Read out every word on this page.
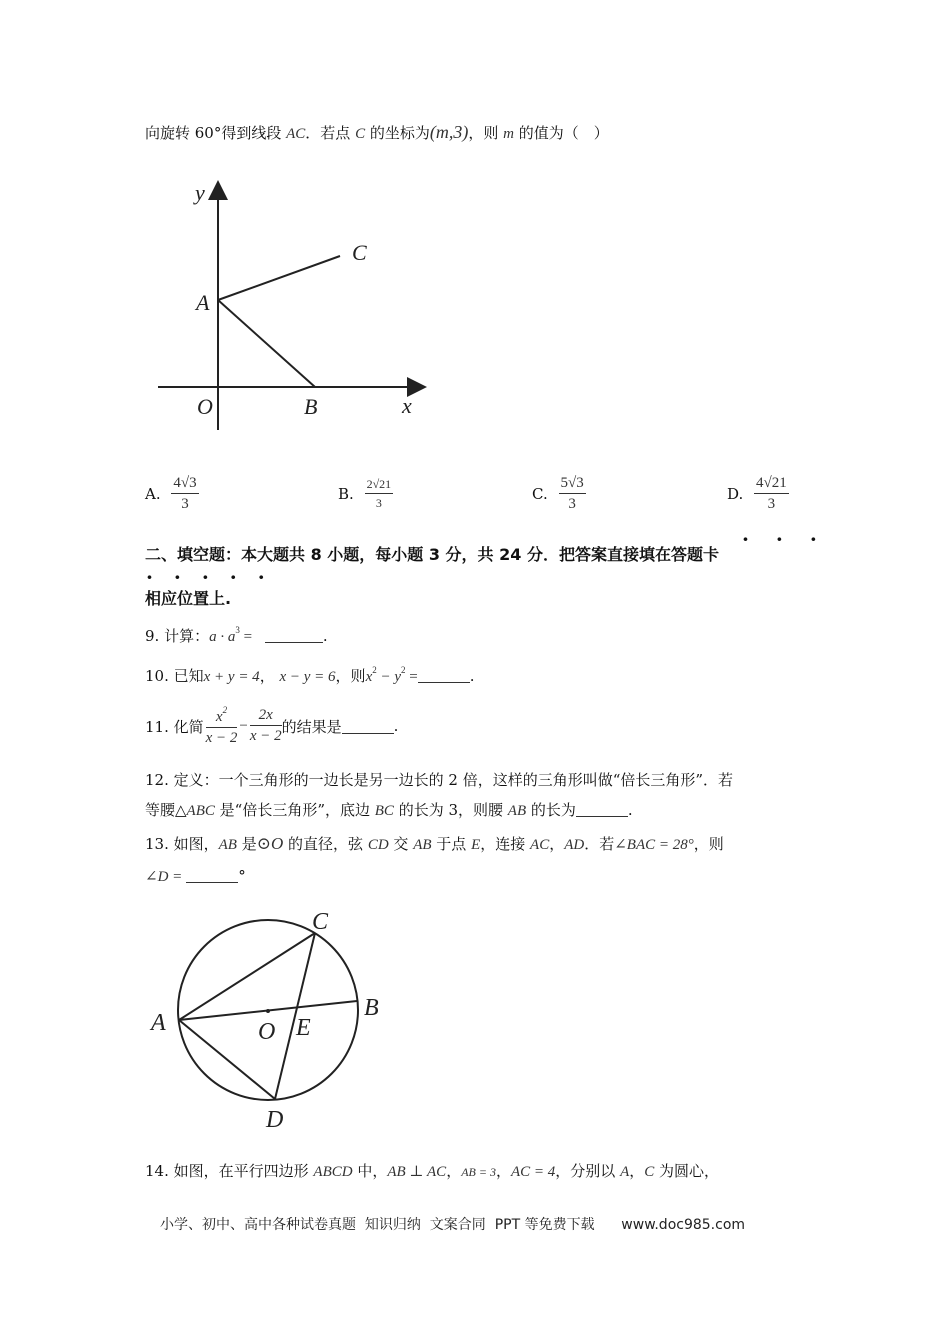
向旋转 60°得到线段 AC．若点 C 的坐标为(m,3)，则 m 的值为（　）
y
x
O
A
B
C
A. $\frac{4√3}{3}$	B. $\frac{2√21}{3}$	C. $\frac{5√3}{3}$	D. $\frac{4√21}{3}$
二、填空题：本大题共 8 小题，每小题 3 分，共 24 分．把答案直接填在答题卡
· · ·
· · · · ·
相应位置上.
9. 计算：$a \cdot a^3$ =	.
10. 已知x + y = 4， x − y = 6，则$x^2 - y^2$ =	.
11. 化简 $\frac{x^2}{x - 2} - \frac{2x}{x - 2}$ 的结果是	.
12. 定义：一个三角形的一边长是另一边长的 2 倍，这样的三角形叫做“倍长三角形”．若
等腰△ABC 是“倍长三角形”，底边 BC 的长为 3，则腰 AB 的长为	.
13. 如图，AB 是⊙O 的直径，弦 CD 交 AB 于点 E，连接 AC，AD．若∠BAC = 28°，则
∠D =	°
C
B
A	O E
D
14. 如图，在平行四边形 ABCD 中，AB ⊥ AC，AB = 3，AC = 4，分别以 A，C 为圆心，
小学、初中、高中各种试卷真题  知识归纳  文案合同  PPT 等免费下载      www.doc985.com
